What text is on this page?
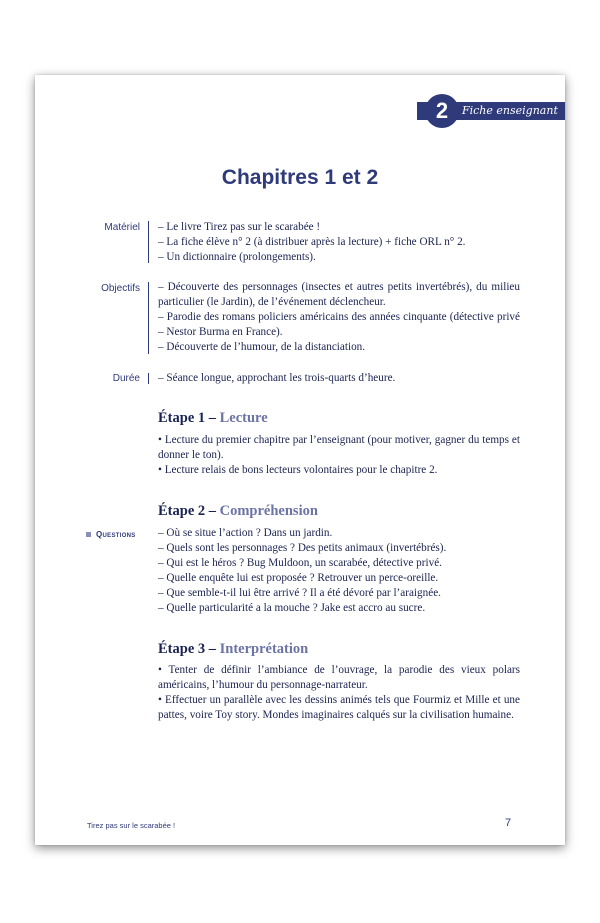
2	Fiche enseignant
Chapitres 1 et 2
Matériel – Le livre Tirez pas sur le scarabée !
– La fiche élève n° 2 (à distribuer après la lecture) + fiche ORL n° 2.
– Un dictionnaire (prolongements).
Objectifs – Découverte des personnages (insectes et autres petits invertébrés), du milieu particulier (le Jardin), de l’événement déclencheur.
– Parodie des romans policiers américains des années cinquante (détective privé – Nestor Burma en France).
– Découverte de l’humour, de la distanciation.
Durée – Séance longue, approchant les trois-quarts d’heure.
Étape 1 – Lecture
• Lecture du premier chapitre par l’enseignant (pour motiver, gagner du temps et donner le ton).
• Lecture relais de bons lecteurs volontaires pour le chapitre 2.
Étape 2 – Compréhension
Questions – Où se situe l’action ? Dans un jardin.
– Quels sont les personnages ? Des petits animaux (invertébrés).
– Qui est le héros ? Bug Muldoon, un scarabée, détective privé.
– Quelle enquête lui est proposée ? Retrouver un perce-oreille.
– Que semble-t-il lui être arrivé ? Il a été dévoré par l’araignée.
– Quelle particularité a la mouche ? Jake est accro au sucre.
Étape 3 – Interprétation
• Tenter de définir l’ambiance de l’ouvrage, la parodie des vieux polars américains, l’humour du personnage-narrateur.
• Effectuer un parallèle avec les dessins animés tels que Fourmiz et Mille et une pattes, voire Toy story. Mondes imaginaires calqués sur la civilisation humaine.
Tirez pas sur le scarabée !	7
